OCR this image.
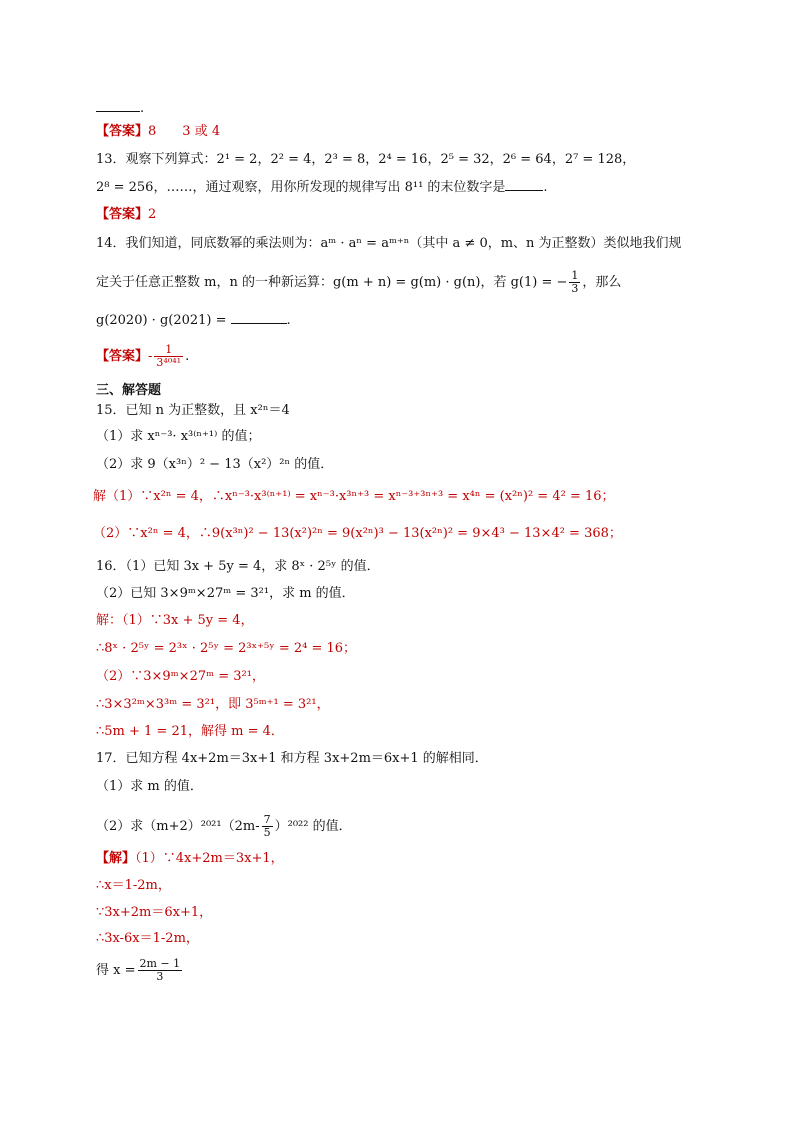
.
【答案】8 3 或 4
13．观察下列算式：2¹ = 2，2² = 4，2³ = 8，2⁴ = 16，2⁵ = 32，2⁶ = 64，2⁷ = 128，
2⁸ = 256，……，通过观察，用你所发现的规律写出 8¹¹ 的末位数字是	.
【答案】2
14．我们知道，同底数幂的乘法则为：aᵐ · aⁿ = aᵐ⁺ⁿ（其中 a ≠ 0，m、n 为正整数）类似地我们规
定关于任意正整数 m，n 的一种新运算：g(m + n) = g(m) · g(n)，若 g(1) = − $\frac{1}{3}$ ，那么
g(2020) · g(2021) =	.
【答案】- $\frac{1}{\text{3⁴⁰⁴¹}}$ .
三、解答题
15．已知 n 为正整数，且 x²ⁿ＝4
（1）求 xⁿ⁻³· x³⁽ⁿ⁺¹⁾ 的值；
（2）求 9（x³ⁿ）² − 13（x²）²ⁿ 的值．
解（1）∵x²ⁿ = 4，∴xⁿ⁻³·x³⁽ⁿ⁺¹⁾ = xⁿ⁻³·x³ⁿ⁺³ = xⁿ⁻³⁺³ⁿ⁺³ = x⁴ⁿ = (x²ⁿ)² = 4² = 16；
（2）∵x²ⁿ = 4，∴9(x³ⁿ)² − 13(x²)²ⁿ = 9(x²ⁿ)³ − 13(x²ⁿ)² = 9×4³ − 13×4² = 368；
16．（1）已知 3x + 5y = 4，求 8ˣ · 2⁵ʸ 的值．
（2）已知 3×9ᵐ×27ᵐ = 3²¹，求 m 的值．
解：（1）∵3x + 5y = 4，
∴8ˣ · 2⁵ʸ = 2³ˣ · 2⁵ʸ = 2³ˣ⁺⁵ʸ = 2⁴ = 16；
（2）∵3×9ᵐ×27ᵐ = 3²¹，
∴3×3²ᵐ×3³ᵐ = 3²¹，即 3⁵ᵐ⁺¹ = 3²¹，
∴5m + 1 = 21，解得 m = 4．
17．已知方程 4x+2m＝3x+1 和方程 3x+2m＝6x+1 的解相同．
（1）求 m 的值．
（2）求$(m+2)^{2021}(2m- \frac{7}{5} )^{2022}$ 的值．
【解】（1）∵4x+2m＝3x+1，
∴x＝1-2m，
∵3x+2m＝6x+1，
∴3x-6x＝1-2m，
得 $x = \frac{2m - 1}{3}$
